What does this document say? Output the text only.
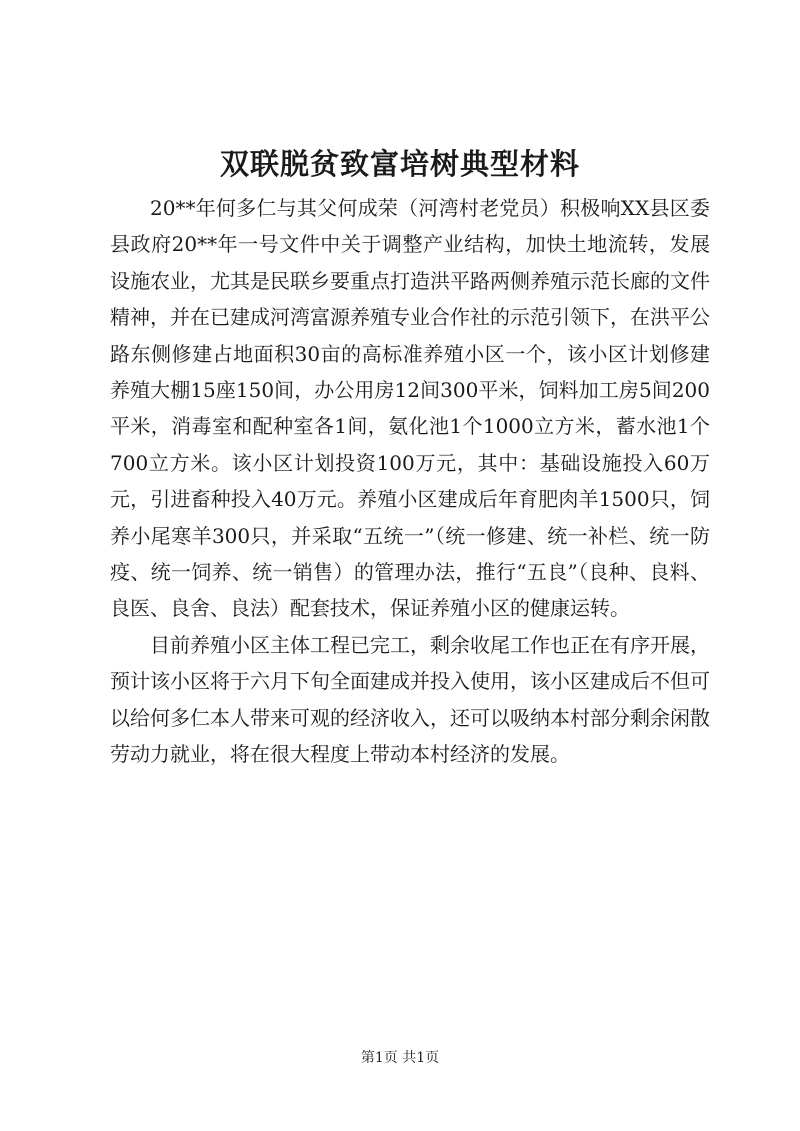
双联脱贫致富培树典型材料

20**年何多仁与其父何成荣（河湾村老党员）积极响XX县区委县政府20**年一号文件中关于调整产业结构，加快土地流转，发展设施农业，尤其是民联乡要重点打造洪平路两侧养殖示范长廊的文件精神，并在已建成河湾富源养殖专业合作社的示范引领下，在洪平公路东侧修建占地面积30亩的高标准养殖小区一个，该小区计划修建养殖大棚15座150间，办公用房12间300平米，饲料加工房5间200平米，消毒室和配种室各1间，氨化池1个1000立方米，蓄水池1个700立方米。该小区计划投资100万元，其中：基础设施投入60万元，引进畜种投入40万元。养殖小区建成后年育肥肉羊1500只，饲养小尾寒羊300只，并采取“五统一”（统一修建、统一补栏、统一防疫、统一饲养、统一销售）的管理办法，推行“五良”（良种、良料、良医、良舍、良法）配套技术，保证养殖小区的健康运转。

目前养殖小区主体工程已完工，剩余收尾工作也正在有序开展，预计该小区将于六月下旬全面建成并投入使用，该小区建成后不但可以给何多仁本人带来可观的经济收入，还可以吸纳本村部分剩余闲散劳动力就业，将在很大程度上带动本村经济的发展。

第1页 共1页
